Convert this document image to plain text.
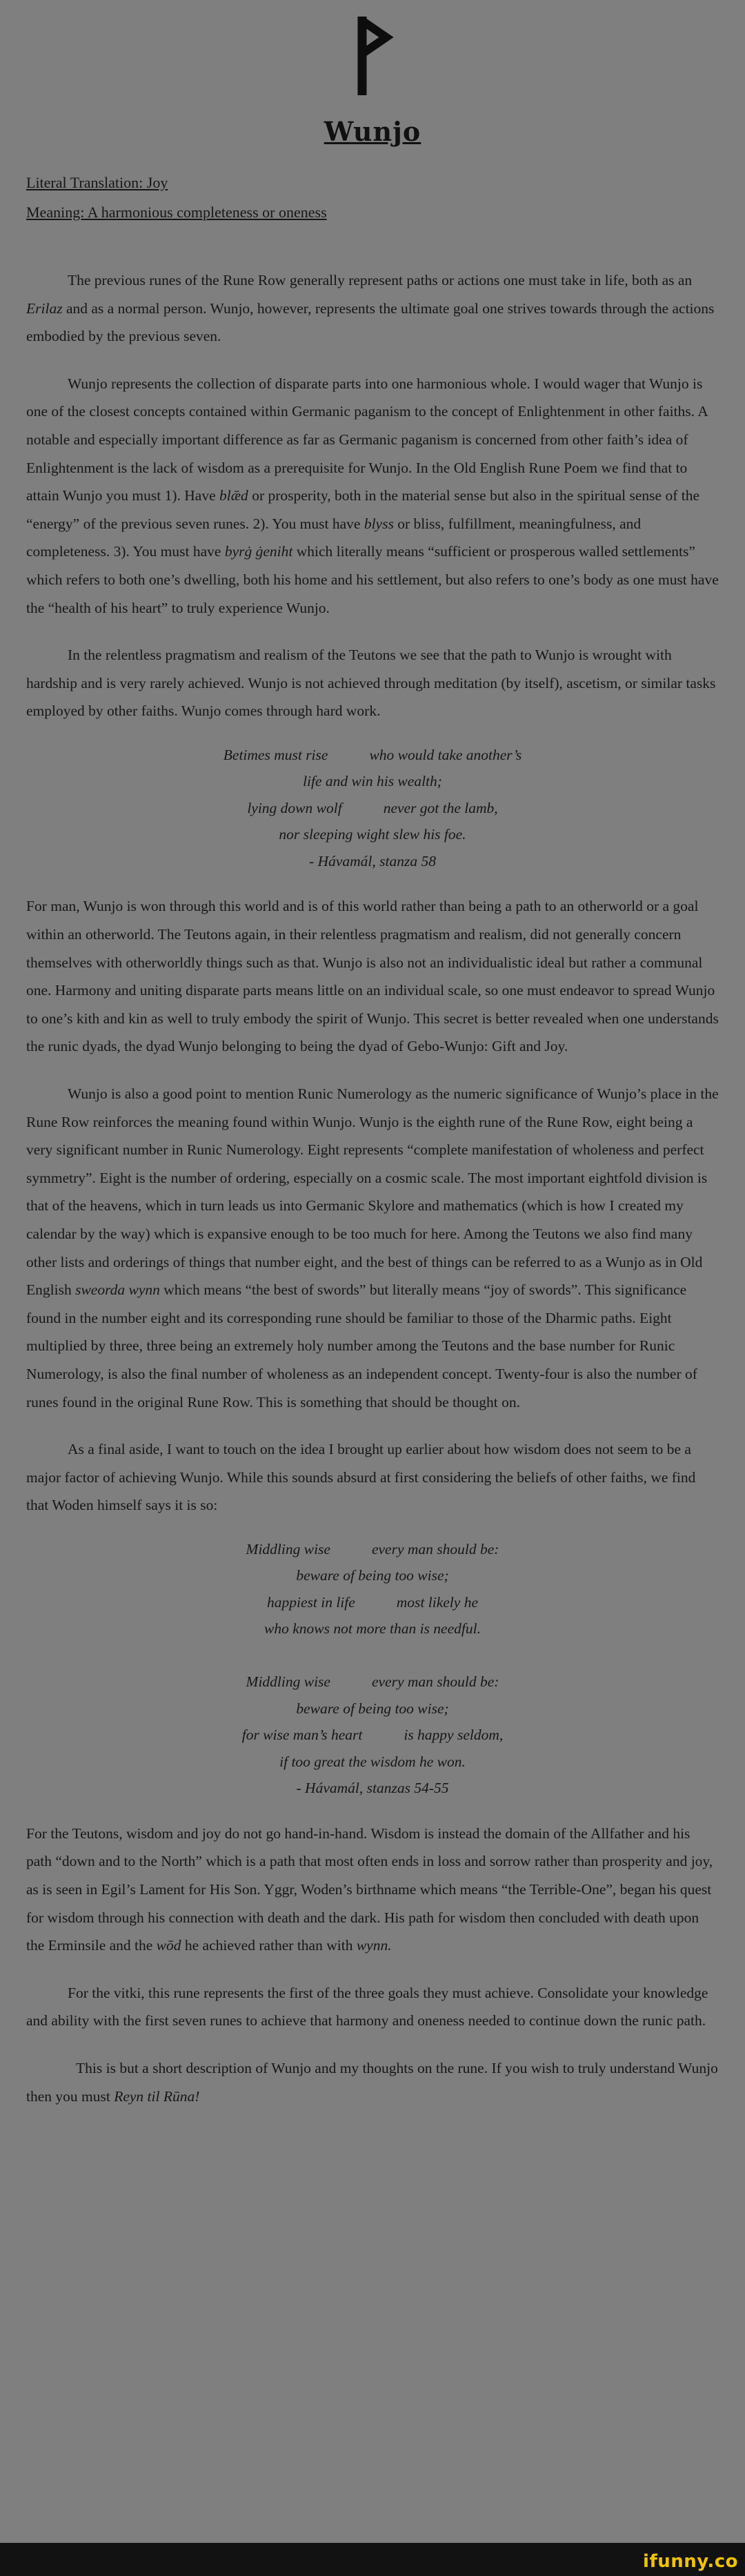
Wunjo
Literal Translation: Joy
Meaning: A harmonious completeness or oneness

The previous runes of the Rune Row generally represent paths or actions one must take in life, both as an Erilaz and as a normal person. Wunjo, however, represents the ultimate goal one strives towards through the actions embodied by the previous seven.

Wunjo represents the collection of disparate parts into one harmonious whole. I would wager that Wunjo is one of the closest concepts contained within Germanic paganism to the concept of Enlightenment in other faiths. A notable and especially important difference as far as Germanic paganism is concerned from other faith’s idea of Enlightenment is the lack of wisdom as a prerequisite for Wunjo. In the Old English Rune Poem we find that to attain Wunjo you must 1). Have blǣd or prosperity, both in the material sense but also in the spiritual sense of the “energy” of the previous seven runes. 2). You must have blyss or bliss, fulfillment, meaningfulness, and completeness. 3). You must have byrġ ġeniht which literally means “sufficient or prosperous walled settlements” which refers to both one’s dwelling, both his home and his settlement, but also refers to one’s body as one must have the “health of his heart” to truly experience Wunjo.

In the relentless pragmatism and realism of the Teutons we see that the path to Wunjo is wrought with hardship and is very rarely achieved. Wunjo is not achieved through meditation (by itself), ascetism, or similar tasks employed by other faiths. Wunjo comes through hard work.

Betimes must rise	who would take another’s
life and win his wealth;
lying down wolf	never got the lamb,
nor sleeping wight slew his foe.
- Hávamál, stanza 58

For man, Wunjo is won through this world and is of this world rather than being a path to an otherworld or a goal within an otherworld. The Teutons again, in their relentless pragmatism and realism, did not generally concern themselves with otherworldly things such as that. Wunjo is also not an individualistic ideal but rather a communal one. Harmony and uniting disparate parts means little on an individual scale, so one must endeavor to spread Wunjo to one’s kith and kin as well to truly embody the spirit of Wunjo. This secret is better revealed when one understands the runic dyads, the dyad Wunjo belonging to being the dyad of Gebo-Wunjo: Gift and Joy.

Wunjo is also a good point to mention Runic Numerology as the numeric significance of Wunjo’s place in the Rune Row reinforces the meaning found within Wunjo. Wunjo is the eighth rune of the Rune Row, eight being a very significant number in Runic Numerology. Eight represents “complete manifestation of wholeness and perfect symmetry”. Eight is the number of ordering, especially on a cosmic scale. The most important eightfold division is that of the heavens, which in turn leads us into Germanic Skylore and mathematics (which is how I created my calendar by the way) which is expansive enough to be too much for here. Among the Teutons we also find many other lists and orderings of things that number eight, and the best of things can be referred to as a Wunjo as in Old English sweorda wynn which means “the best of swords” but literally means “joy of swords”. This significance found in the number eight and its corresponding rune should be familiar to those of the Dharmic paths. Eight multiplied by three, three being an extremely holy number among the Teutons and the base number for Runic Numerology, is also the final number of wholeness as an independent concept. Twenty-four is also the number of runes found in the original Rune Row. This is something that should be thought on.

As a final aside, I want to touch on the idea I brought up earlier about how wisdom does not seem to be a major factor of achieving Wunjo. While this sounds absurd at first considering the beliefs of other faiths, we find that Woden himself says it is so:

Middling wise	every man should be:
beware of being too wise;
happiest in life	most likely he
who knows not more than is needful.
Middling wise	every man should be:
beware of being too wise;
for wise man’s heart	is happy seldom,
if too great the wisdom he won.
- Hávamál, stanzas 54-55

For the Teutons, wisdom and joy do not go hand-in-hand. Wisdom is instead the domain of the Allfather and his path “down and to the North” which is a path that most often ends in loss and sorrow rather than prosperity and joy, as is seen in Egil’s Lament for His Son. Yggr, Woden’s birthname which means “the Terrible-One”, began his quest for wisdom through his connection with death and the dark. His path for wisdom then concluded with death upon the Erminsile and the wōd he achieved rather than with wynn.

For the vitki, this rune represents the first of the three goals they must achieve. Consolidate your knowledge and ability with the first seven runes to achieve that harmony and oneness needed to continue down the runic path.

This is but a short description of Wunjo and my thoughts on the rune. If you wish to truly understand Wunjo then you must Reyn til Rūna!

ifunny.co
